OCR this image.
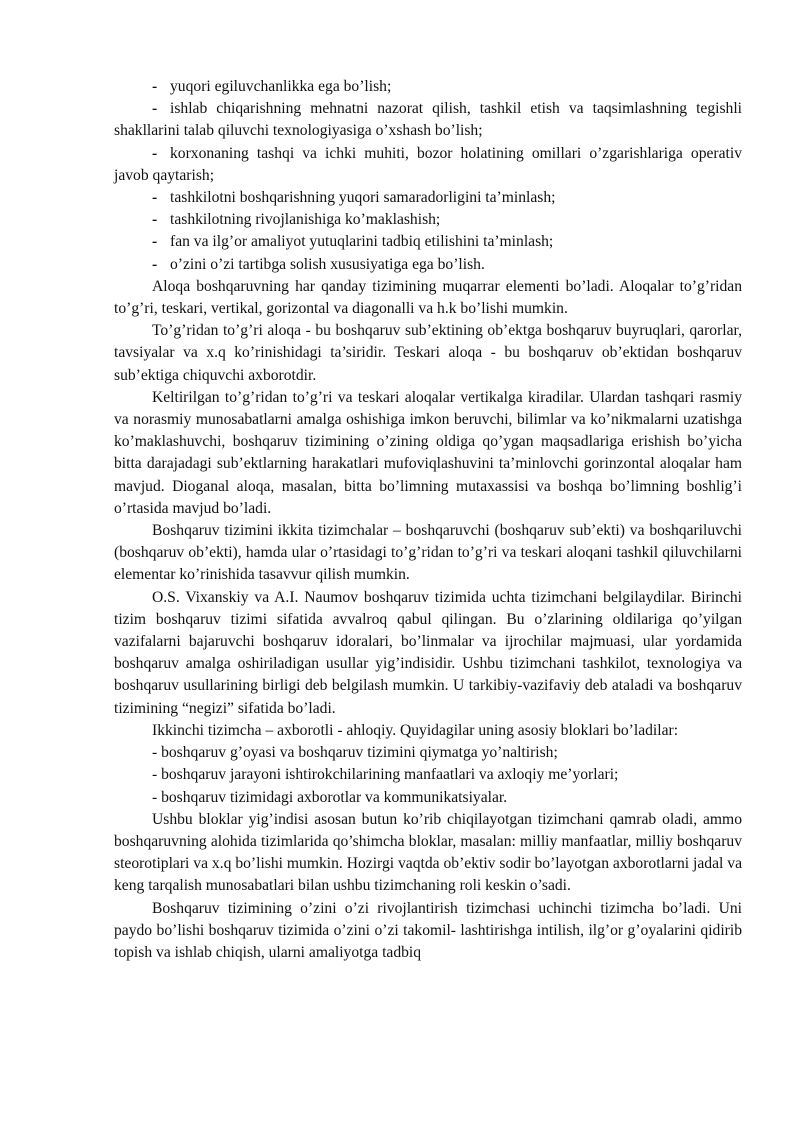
- yuqori egiluvchanlikka ega bo’lish;

- ishlab chiqarishning mehnatni nazorat qilish, tashkil etish va taqsimlashning tegishli shakllarini talab qiluvchi texnologiyasiga o’xshash bo’lish;

- korxonaning tashqi va ichki muhiti, bozor holatining omillari o’zgarishlariga operativ javob qaytarish;

- tashkilotni boshqarishning yuqori samaradorligini ta’minlash;

- tashkilotning rivojlanishiga ko’maklashish;

- fan va ilg’or amaliyot yutuqlarini tadbiq etilishini ta’minlash;

- o’zini o’zi tartibga solish xususiyatiga ega bo’lish.

Aloqa boshqaruvning har qanday tizimining muqarrar elementi bo’ladi. Aloqalar to’g’ridan to’g’ri, teskari, vertikal, gorizontal va diagonalli va h.k bo’lishi mumkin.

To’g’ridan to’g’ri aloqa - bu boshqaruv sub’ektining ob’ektga boshqaruv buyruqlari, qarorlar, tavsiyalar va x.q ko’rinishidagi ta’siridir. Teskari aloqa - bu boshqaruv ob’ektidan boshqaruv sub’ektiga chiquvchi axborotdir.

Keltirilgan to’g’ridan to’g’ri va teskari aloqalar vertikalga kiradilar. Ulardan tashqari rasmiy va norasmiy munosabatlarni amalga oshishiga imkon beruvchi, bilimlar va ko’nikmalarni uzatishga ko’maklashuvchi, boshqaruv tizimining o’zining oldiga qo’ygan maqsadlariga erishish bo’yicha bitta darajadagi sub’ektlarning harakatlari mufoviqlashuvini ta’minlovchi gorinzontal aloqalar ham mavjud. Dioganal aloqa, masalan, bitta bo’limning mutaxassisi va boshqa bo’limning boshlig’i o’rtasida mavjud bo’ladi.

Boshqaruv tizimini ikkita tizimchalar – boshqaruvchi (boshqaruv sub’ekti) va boshqariluvchi (boshqaruv ob’ekti), hamda ular o’rtasidagi to’g’ridan to’g’ri va teskari aloqani tashkil qiluvchilarni elementar ko’rinishida tasavvur qilish mumkin.

O.S. Vixanskiy va A.I. Naumov boshqaruv tizimida uchta tizimchani belgilaydilar. Birinchi tizim boshqaruv tizimi sifatida avvalroq qabul qilingan. Bu o’zlarining oldilariga qo’yilgan vazifalarni bajaruvchi boshqaruv idoralari, bo’linmalar va ijrochilar majmuasi, ular yordamida boshqaruv amalga oshiriladigan usullar yig’indisidir. Ushbu tizimchani tashkilot, texnologiya va boshqaruv usullarining birligi deb belgilash mumkin. U tarkibiy-vazifaviy deb ataladi va boshqaruv tizimining “negizi” sifatida bo’ladi.

Ikkinchi tizimcha – axborotli - ahloqiy. Quyidagilar uning asosiy bloklari bo’ladilar:

- boshqaruv g’oyasi va boshqaruv tizimini qiymatga yo’naltirish;

- boshqaruv jarayoni ishtirokchilarining manfaatlari va axloqiy me’yorlari;

- boshqaruv tizimidagi axborotlar va kommunikatsiyalar.

Ushbu bloklar yig’indisi asosan butun ko’rib chiqilayotgan tizimchani qamrab oladi, ammo boshqaruvning alohida tizimlarida qo’shimcha bloklar, masalan: milliy manfaatlar, milliy boshqaruv steorotiplari va x.q bo’lishi mumkin. Hozirgi vaqtda ob’ektiv sodir bo’layotgan axborotlarni jadal va keng tarqalish munosabatlari bilan ushbu tizimchaning roli keskin o’sadi.

Boshqaruv tizimining o’zini o’zi rivojlantirish tizimchasi uchinchi tizimcha bo’ladi. Uni paydo bo’lishi boshqaruv tizimida o’zini o’zi takomil- lashtirishga intilish, ilg’or g’oyalarini qidirib topish va ishlab chiqish, ularni amaliyotga tadbiq
